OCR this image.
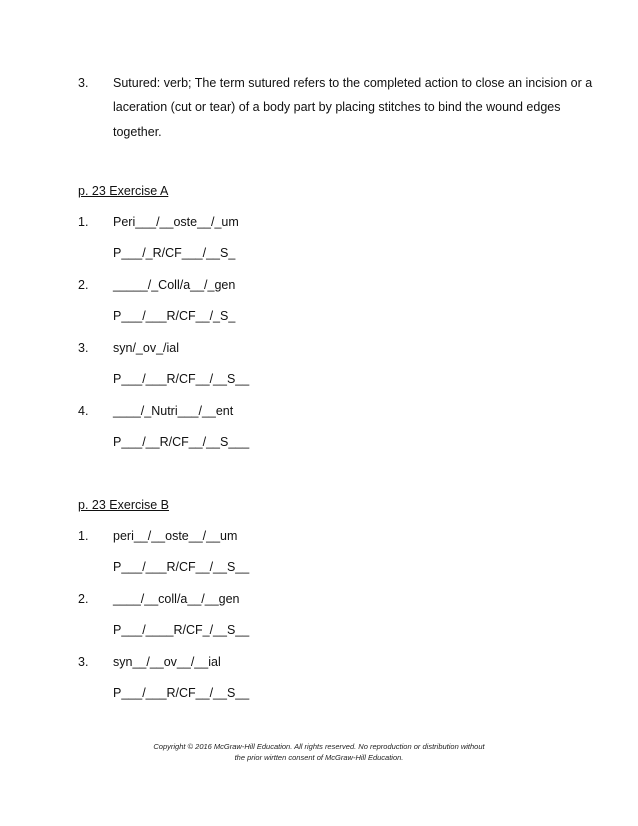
3. Sutured: verb; The term sutured refers to the completed action to close an incision or a
laceration (cut or tear) of a body part by placing stitches to bind the wound edges
together.
p. 23 Exercise A
1. Peri___/__oste__/_um
P___/_R/CF___/__S_
2. _____/_Coll/a__/_gen
P___/___R/CF__/_S_
3. syn/_ov_/ial
P___/___R/CF__/__S__
4. ____/_Nutri___/__ent
P___/__R/CF__/__S___
p. 23 Exercise B
1. peri__/__oste__/__um
P___/___R/CF__/__S__
2. ____/__coll/a__/__gen
P___/____R/CF_/__S__
3. syn__/__ov__/__ial
P___/___R/CF__/__S__
Copyright © 2016 McGraw-Hill Education. All rights reserved. No reproduction or distribution without
the prior wirtten consent of McGraw-Hill Education.
